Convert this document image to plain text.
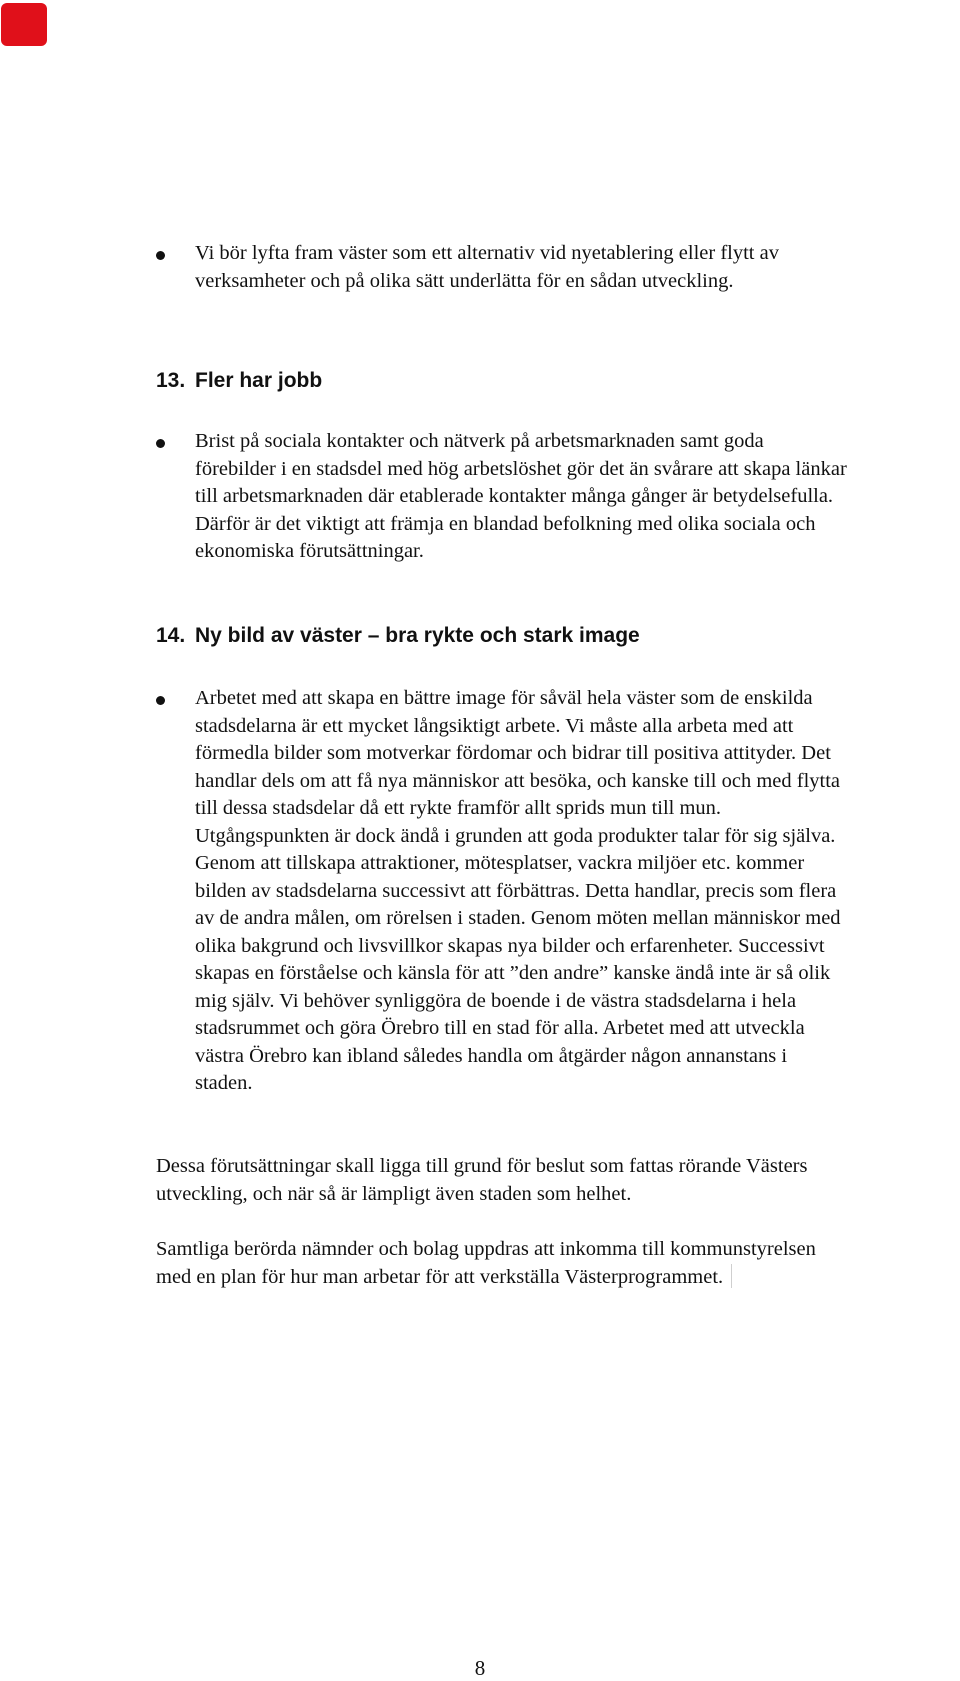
Vi bör lyfta fram väster som ett alternativ vid nyetablering eller flytt av
verksamheter och på olika sätt underlätta för en sådan utveckling.
13. Fler har jobb
Brist på sociala kontakter och nätverk på arbetsmarknaden samt goda
förebilder i en stadsdel med hög arbetslöshet gör det än svårare att skapa länkar
till arbetsmarknaden där etablerade kontakter många gånger är betydelsefulla.
Därför är det viktigt att främja en blandad befolkning med olika sociala och
ekonomiska förutsättningar.
14. Ny bild av väster – bra rykte och stark image
Arbetet med att skapa en bättre image för såväl hela väster som de enskilda
stadsdelarna är ett mycket långsiktigt arbete. Vi måste alla arbeta med att
förmedla bilder som motverkar fördomar och bidrar till positiva attityder. Det
handlar dels om att få nya människor att besöka, och kanske till och med flytta
till dessa stadsdelar då ett rykte framför allt sprids mun till mun.
Utgångspunkten är dock ändå i grunden att goda produkter talar för sig själva.
Genom att tillskapa attraktioner, mötesplatser, vackra miljöer etc. kommer
bilden av stadsdelarna successivt att förbättras. Detta handlar, precis som flera
av de andra målen, om rörelsen i staden. Genom möten mellan människor med
olika bakgrund och livsvillkor skapas nya bilder och erfarenheter. Successivt
skapas en förståelse och känsla för att ”den andre” kanske ändå inte är så olik
mig själv. Vi behöver synliggöra de boende i de västra stadsdelarna i hela
stadsrummet och göra Örebro till en stad för alla. Arbetet med att utveckla
västra Örebro kan ibland således handla om åtgärder någon annanstans i
staden.
Dessa förutsättningar skall ligga till grund för beslut som fattas rörande Västers
utveckling, och när så är lämpligt även staden som helhet.
Samtliga berörda nämnder och bolag uppdras att inkomma till kommunstyrelsen
med en plan för hur man arbetar för att verkställa Västerprogrammet.
8
